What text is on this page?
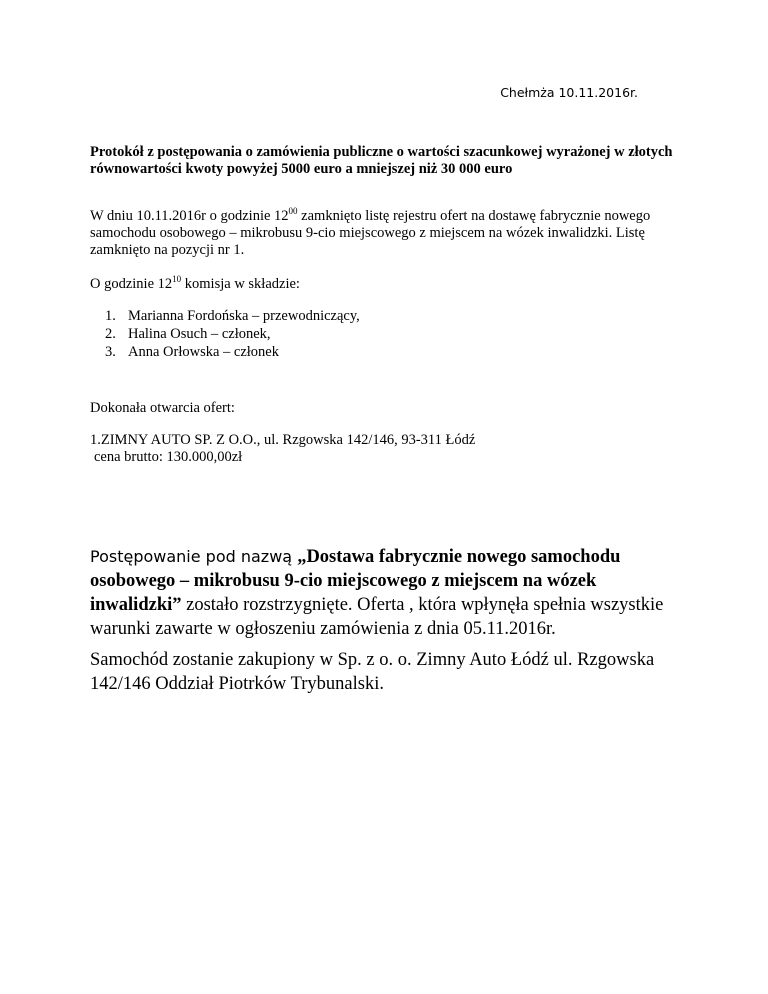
Chełmża 10.11.2016r.
Protokół z postępowania o zamówienia publiczne o wartości szacunkowej wyrażonej w złotych równowartości kwoty powyżej 5000 euro a mniejszej niż 30 000 euro
W dniu 10.11.2016r o godzinie $12^{00}$ zamknięto listę rejestru ofert na dostawę fabrycznie nowego samochodu osobowego – mikrobusu 9-cio miejscowego z miejscem na wózek inwalidzki. Listę zamknięto na pozycji nr 1.
O godzinie $12^{10}$ komisja w składzie:
1. Marianna Fordońska – przewodniczący,
2. Halina Osuch – członek,
3. Anna Orłowska – członek
Dokonała otwarcia ofert:
1.ZIMNY AUTO SP. Z O.O., ul. Rzgowska 142/146, 93-311 Łódź
cena brutto: 130.000,00zł
Postępowanie pod nazwą „Dostawa fabrycznie nowego samochodu osobowego – mikrobusu 9-cio miejscowego z miejscem na wózek inwalidzki” zostało rozstrzygnięte. Oferta , która wpłynęła spełnia wszystkie warunki zawarte w ogłoszeniu zamówienia z dnia 05.11.2016r.
Samochód zostanie zakupiony w Sp. z o. o. Zimny Auto Łódź ul. Rzgowska 142/146 Oddział Piotrków Trybunalski.
